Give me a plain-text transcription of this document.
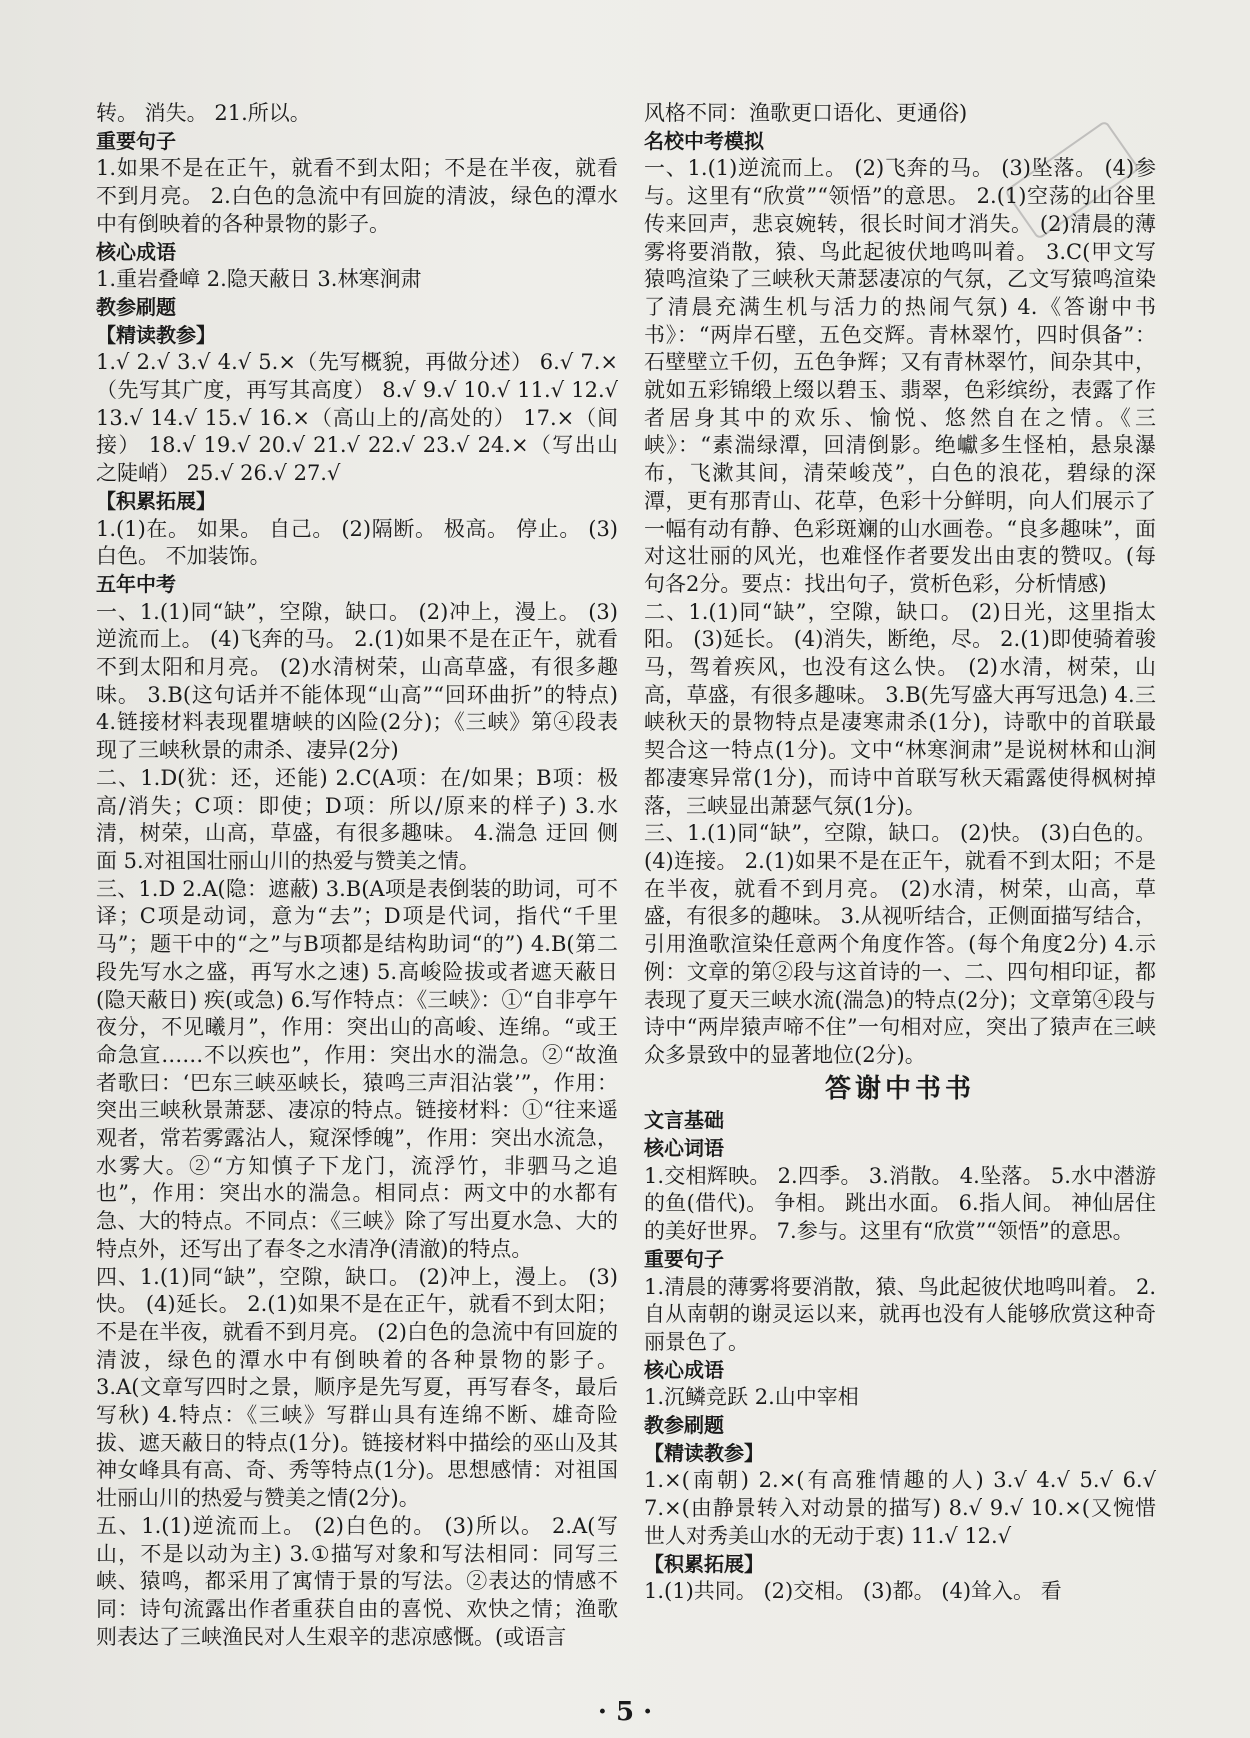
转。 消失。 21.所以。

重要句子

1.如果不是在正午，就看不到太阳；不是在半夜，就看不到月亮。 2.白色的急流中有回旋的清波，绿色的潭水中有倒映着的各种景物的影子。

核心成语

1.重岩叠嶂 2.隐天蔽日 3.林寒涧肃

教参刷题

【精读教参】

1.√ 2.√ 3.√ 4.√ 5.×（先写概貌，再做分述） 6.√ 7.×（先写其广度，再写其高度） 8.√ 9.√ 10.√ 11.√ 12.√ 13.√ 14.√ 15.√ 16.×（高山上的/高处的） 17.×（间接） 18.√ 19.√ 20.√ 21.√ 22.√ 23.√ 24.×（写出山之陡峭） 25.√ 26.√ 27.√

【积累拓展】

1.(1)在。 如果。 自己。 (2)隔断。 极高。 停止。 (3)白色。 不加装饰。

五年中考

一、1.(1)同“缺”，空隙，缺口。 (2)冲上，漫上。 (3)逆流而上。 (4)飞奔的马。 2.(1)如果不是在正午，就看不到太阳和月亮。 (2)水清树荣，山高草盛，有很多趣味。 3.B(这句话并不能体现“山高”“回环曲折”的特点) 4.链接材料表现瞿塘峡的凶险(2分)；《三峡》第④段表现了三峡秋景的肃杀、凄异(2分)

二、1.D(犹：还，还能) 2.C(A项：在/如果；B项：极高/消失；C项：即使；D项：所以/原来的样子) 3.水清，树荣，山高，草盛，有很多趣味。 4.湍急 迂回 侧面 5.对祖国壮丽山川的热爱与赞美之情。

三、1.D 2.A(隐：遮蔽) 3.B(A项是表倒装的助词，可不译；C项是动词，意为“去”；D项是代词，指代“千里马”；题干中的“之”与B项都是结构助词“的”) 4.B(第二段先写水之盛，再写水之速) 5.高峻险拔或者遮天蔽日(隐天蔽日) 疾(或急) 6.写作特点：《三峡》：①“自非亭午夜分，不见曦月”，作用：突出山的高峻、连绵。“或王命急宣……不以疾也”，作用：突出水的湍急。②“故渔者歌曰：‘巴东三峡巫峡长，猿鸣三声泪沾裳’”，作用：突出三峡秋景萧瑟、凄凉的特点。链接材料：①“往来遥观者，常若雾露沾人，窥深悸魄”，作用：突出水流急，水雾大。②“方知慎子下龙门，流浮竹，非驷马之追也”，作用：突出水的湍急。相同点：两文中的水都有急、大的特点。不同点：《三峡》除了写出夏水急、大的特点外，还写出了春冬之水清净(清澈)的特点。

四、1.(1)同“缺”，空隙，缺口。 (2)冲上，漫上。 (3)快。 (4)延长。 2.(1)如果不是在正午，就看不到太阳；不是在半夜，就看不到月亮。 (2)白色的急流中有回旋的清波，绿色的潭水中有倒映着的各种景物的影子。 3.A(文章写四时之景，顺序是先写夏，再写春冬，最后写秋) 4.特点：《三峡》写群山具有连绵不断、雄奇险拔、遮天蔽日的特点(1分)。链接材料中描绘的巫山及其神女峰具有高、奇、秀等特点(1分)。思想感情：对祖国壮丽山川的热爱与赞美之情(2分)。

五、1.(1)逆流而上。 (2)白色的。 (3)所以。 2.A(写山，不是以动为主) 3.①描写对象和写法相同：同写三峡、猿鸣，都采用了寓情于景的写法。②表达的情感不同：诗句流露出作者重获自由的喜悦、欢快之情；渔歌则表达了三峡渔民对人生艰辛的悲凉感慨。(或语言

风格不同：渔歌更口语化、更通俗)

名校中考模拟

一、1.(1)逆流而上。 (2)飞奔的马。 (3)坠落。 (4)参与。这里有“欣赏”“领悟”的意思。 2.(1)空荡的山谷里传来回声，悲哀婉转，很长时间才消失。 (2)清晨的薄雾将要消散，猿、鸟此起彼伏地鸣叫着。 3.C(甲文写猿鸣渲染了三峡秋天萧瑟凄凉的气氛，乙文写猿鸣渲染了清晨充满生机与活力的热闹气氛) 4.《答谢中书书》：“两岸石壁，五色交辉。青林翠竹，四时俱备”：石壁壁立千仞，五色争辉；又有青林翠竹，间杂其中，就如五彩锦缎上缀以碧玉、翡翠，色彩缤纷，表露了作者居身其中的欢乐、愉悦、悠然自在之情。《三峡》：“素湍绿潭，回清倒影。绝巘多生怪柏，悬泉瀑布，飞漱其间，清荣峻茂”，白色的浪花，碧绿的深潭，更有那青山、花草，色彩十分鲜明，向人们展示了一幅有动有静、色彩斑斓的山水画卷。“良多趣味”，面对这壮丽的风光，也难怪作者要发出由衷的赞叹。(每句各2分。要点：找出句子，赏析色彩，分析情感)

二、1.(1)同“缺”，空隙，缺口。 (2)日光，这里指太阳。 (3)延长。 (4)消失，断绝，尽。 2.(1)即使骑着骏马，驾着疾风，也没有这么快。 (2)水清，树荣，山高，草盛，有很多趣味。 3.B(先写盛大再写迅急) 4.三峡秋天的景物特点是凄寒肃杀(1分)，诗歌中的首联最契合这一特点(1分)。文中“林寒涧肃”是说树林和山涧都凄寒异常(1分)，而诗中首联写秋天霜露使得枫树掉落，三峡显出萧瑟气氛(1分)。

三、1.(1)同“缺”，空隙，缺口。 (2)快。 (3)白色的。 (4)连接。 2.(1)如果不是在正午，就看不到太阳；不是在半夜，就看不到月亮。 (2)水清，树荣，山高，草盛，有很多的趣味。 3.从视听结合，正侧面描写结合，引用渔歌渲染任意两个角度作答。(每个角度2分) 4.示例：文章的第②段与这首诗的一、二、四句相印证，都表现了夏天三峡水流(湍急)的特点(2分)；文章第④段与诗中“两岸猿声啼不住”一句相对应，突出了猿声在三峡众多景致中的显著地位(2分)。

答谢中书书

文言基础

核心词语

1.交相辉映。 2.四季。 3.消散。 4.坠落。 5.水中潜游的鱼(借代)。 争相。 跳出水面。 6.指人间。 神仙居住的美好世界。 7.参与。这里有“欣赏”“领悟”的意思。

重要句子

1.清晨的薄雾将要消散，猿、鸟此起彼伏地鸣叫着。 2.自从南朝的谢灵运以来，就再也没有人能够欣赏这种奇丽景色了。

核心成语

1.沉鳞竞跃 2.山中宰相

教参刷题

【精读教参】

1.×(南朝) 2.×(有高雅情趣的人) 3.√ 4.√ 5.√ 6.√ 7.×(由静景转入对动景的描写) 8.√ 9.√ 10.×(又惋惜世人对秀美山水的无动于衷) 11.√ 12.√

【积累拓展】

1.(1)共同。 (2)交相。 (3)都。 (4)耸入。 看

· 5 ·
